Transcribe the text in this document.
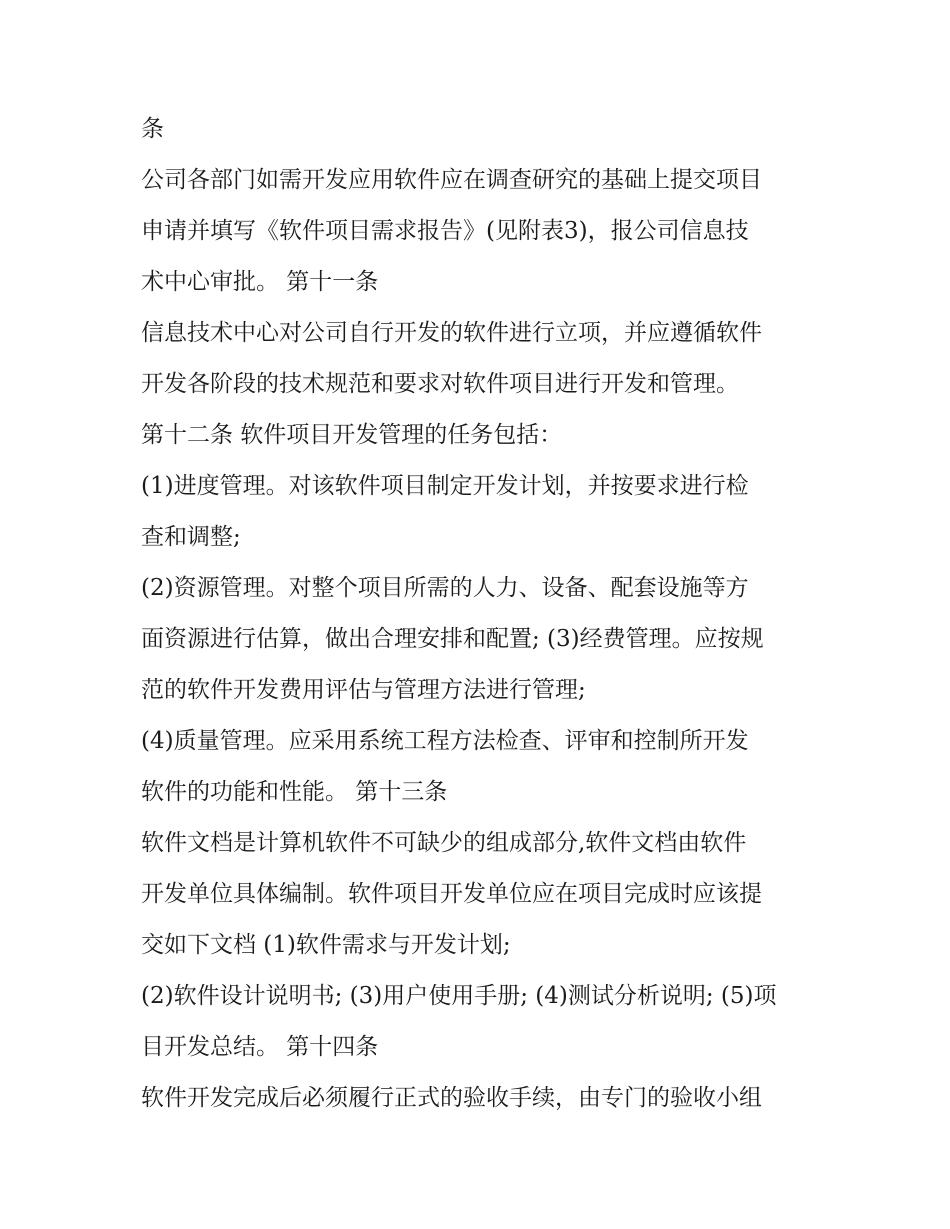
条
公司各部门如需开发应用软件应在调查研究的基础上提交项目
申请并填写《软件项目需求报告》(见附表3)，报公司信息技
术中心审批。 第十一条
信息技术中心对公司自行开发的软件进行立项，并应遵循软件
开发各阶段的技术规范和要求对软件项目进行开发和管理。
第十二条 软件项目开发管理的任务包括：
(1)进度管理。对该软件项目制定开发计划，并按要求进行检
查和调整;
(2)资源管理。对整个项目所需的人力、设备、配套设施等方
面资源进行估算，做出合理安排和配置; (3)经费管理。应按规
范的软件开发费用评估与管理方法进行管理;
(4)质量管理。应采用系统工程方法检查、评审和控制所开发
软件的功能和性能。 第十三条
软件文档是计算机软件不可缺少的组成部分,软件文档由软件
开发单位具体编制。软件项目开发单位应在项目完成时应该提
交如下文档 (1)软件需求与开发计划;
(2)软件设计说明书; (3)用户使用手册; (4)测试分析说明; (5)项
目开发总结。 第十四条
软件开发完成后必须履行正式的验收手续，由专门的验收小组
